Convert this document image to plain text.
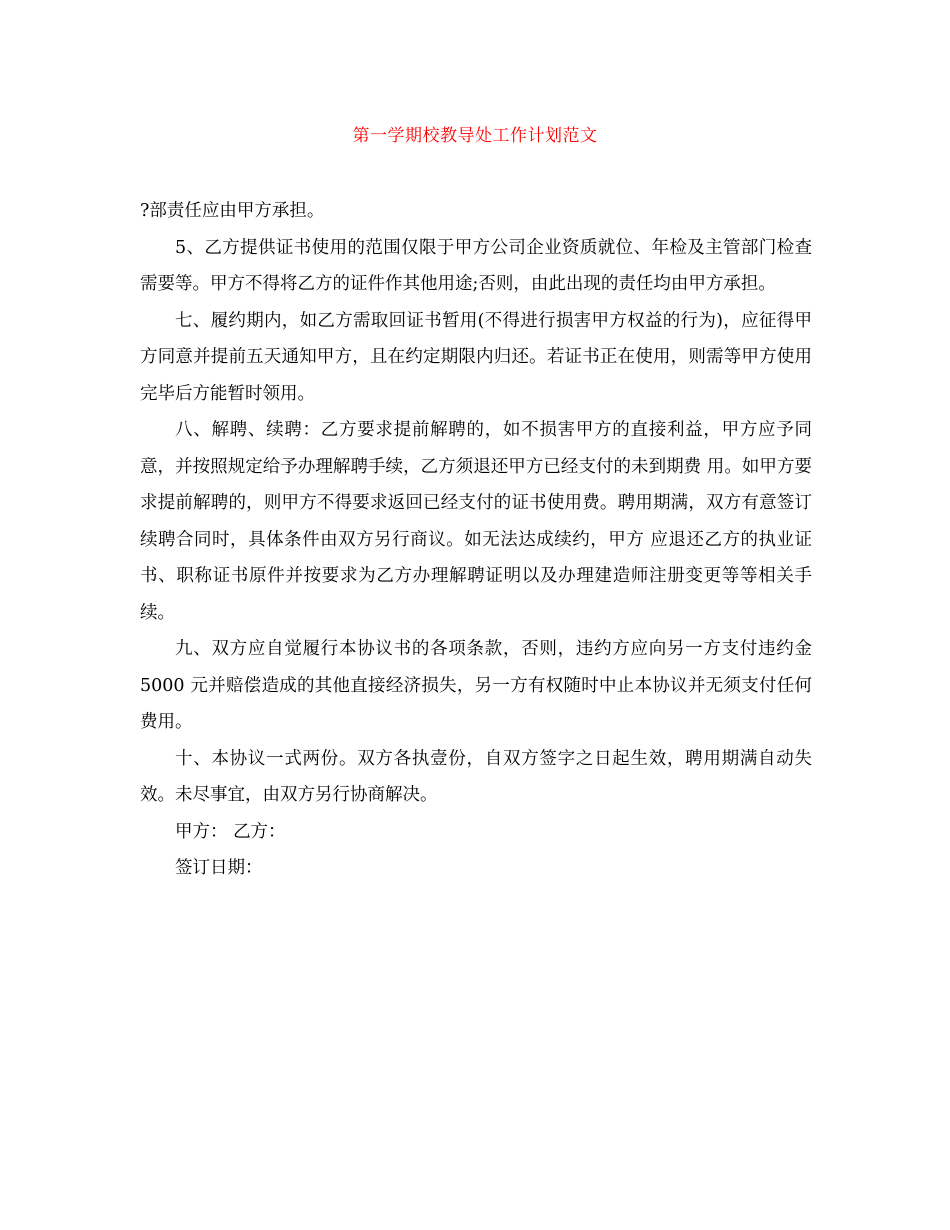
第一学期校教导处工作计划范文

?部责任应由甲方承担。

5、乙方提供证书使用的范围仅限于甲方公司企业资质就位、年检及主管部门检查需要等。甲方不得将乙方的证件作其他用途;否则，由此出现的责任均由甲方承担。

七、履约期内，如乙方需取回证书暂用(不得进行损害甲方权益的行为)，应征得甲方同意并提前五天通知甲方，且在约定期限内归还。若证书正在使用，则需等甲方使用完毕后方能暂时领用。

八、解聘、续聘：乙方要求提前解聘的，如不损害甲方的直接利益，甲方应予同意，并按照规定给予办理解聘手续，乙方须退还甲方已经支付的未到期费 用。如甲方要求提前解聘的，则甲方不得要求返回已经支付的证书使用费。聘用期满，双方有意签订续聘合同时，具体条件由双方另行商议。如无法达成续约，甲方 应退还乙方的执业证书、职称证书原件并按要求为乙方办理解聘证明以及办理建造师注册变更等等相关手续。

九、双方应自觉履行本协议书的各项条款，否则，违约方应向另一方支付违约金 5000 元并赔偿造成的其他直接经济损失，另一方有权随时中止本协议并无须支付任何费用。

十、本协议一式两份。双方各执壹份，自双方签字之日起生效，聘用期满自动失效。未尽事宜，由双方另行协商解决。

甲方： 乙方：

签订日期：
